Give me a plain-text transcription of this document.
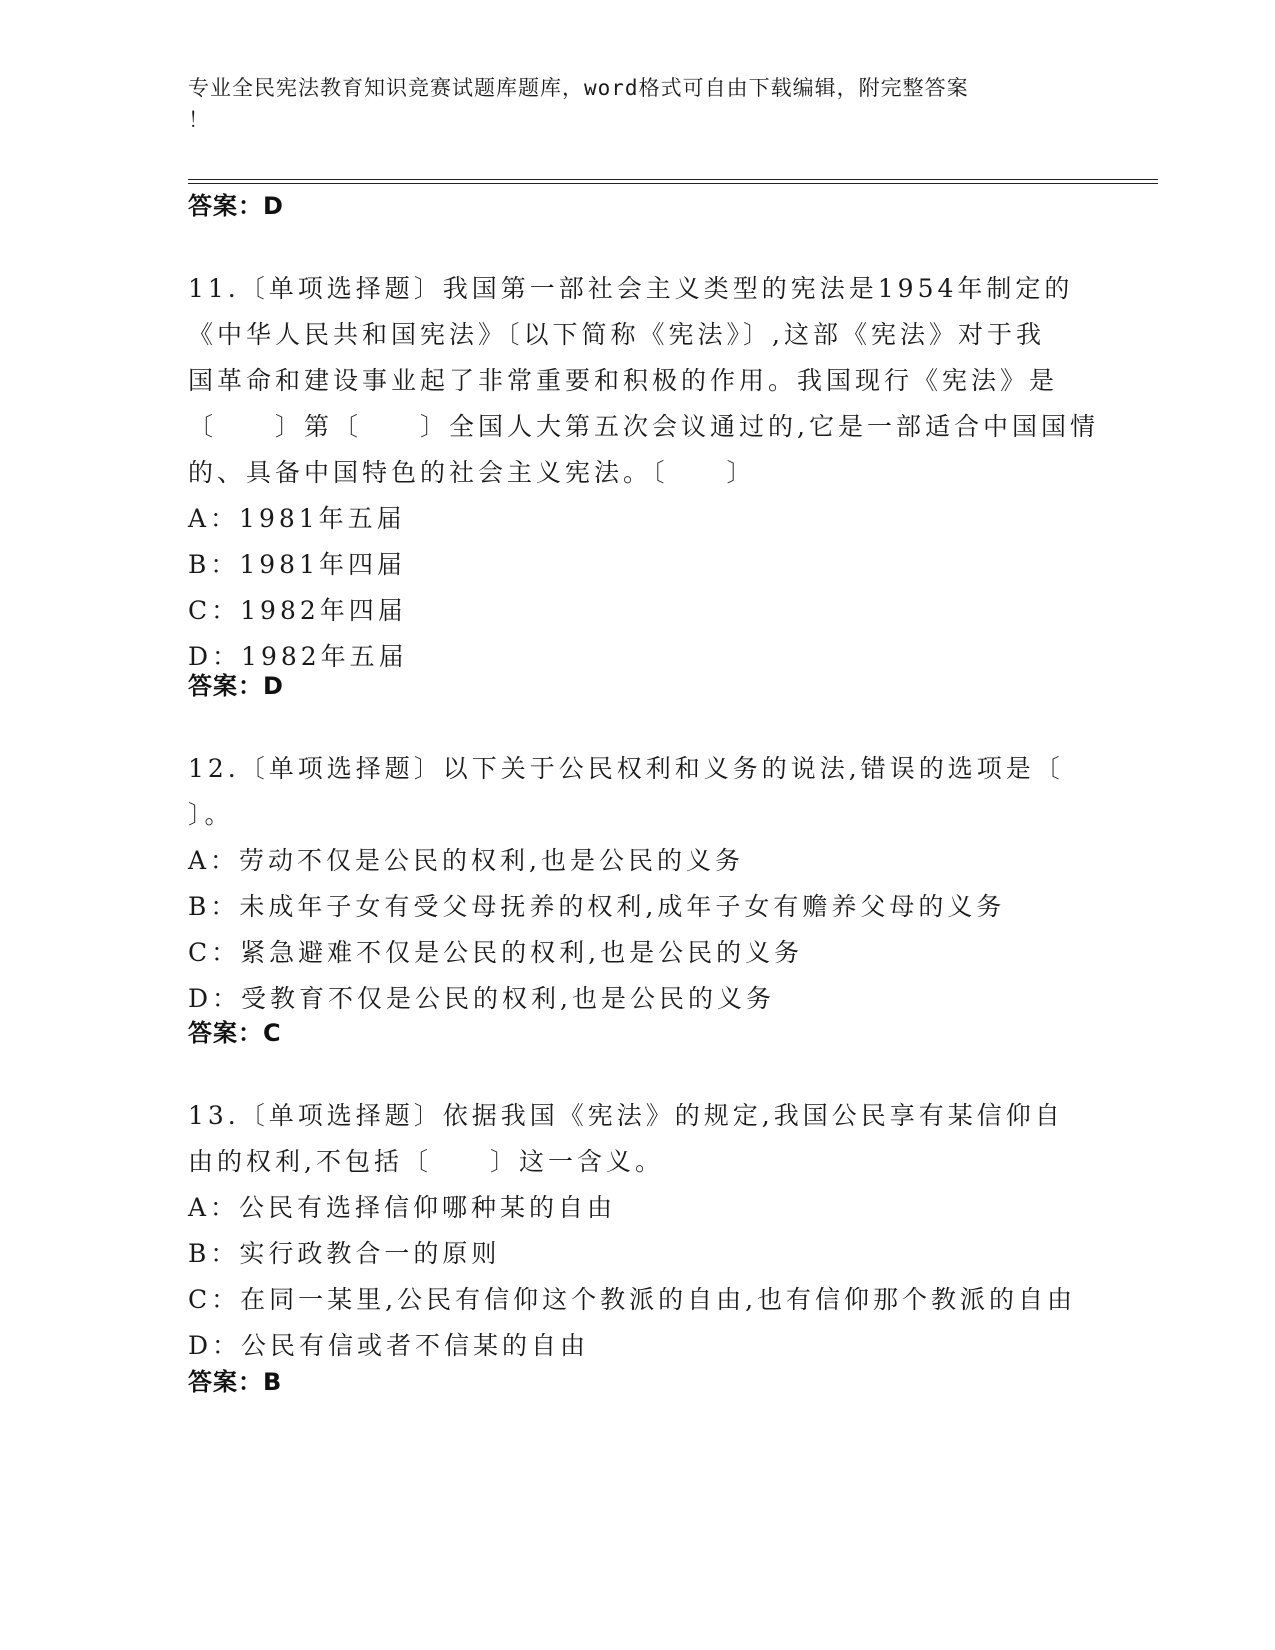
专业全民宪法教育知识竞赛试题库题库，word格式可自由下载编辑，附完整答案
！
答案：D
11.〔单项选择题〕我国第一部社会主义类型的宪法是1954年制定的
《中华人民共和国宪法》〔以下简称《宪法》〕,这部《宪法》对于我
国革命和建设事业起了非常重要和积极的作用。我国现行《宪法》是
〔　　〕第〔　　〕全国人大第五次会议通过的,它是一部适合中国国情
的、具备中国特色的社会主义宪法。〔　　〕
A：1981年五届
B：1981年四届
C：1982年四届
D：1982年五届
答案：D
12.〔单项选择题〕以下关于公民权利和义务的说法,错误的选项是〔
〕。
A：劳动不仅是公民的权利,也是公民的义务
B：未成年子女有受父母抚养的权利,成年子女有赡养父母的义务
C：紧急避难不仅是公民的权利,也是公民的义务
D：受教育不仅是公民的权利,也是公民的义务
答案：C
13.〔单项选择题〕依据我国《宪法》的规定,我国公民享有某信仰自
由的权利,不包括〔　　〕这一含义。
A：公民有选择信仰哪种某的自由
B：实行政教合一的原则
C：在同一某里,公民有信仰这个教派的自由,也有信仰那个教派的自由
D：公民有信或者不信某的自由
答案：B
